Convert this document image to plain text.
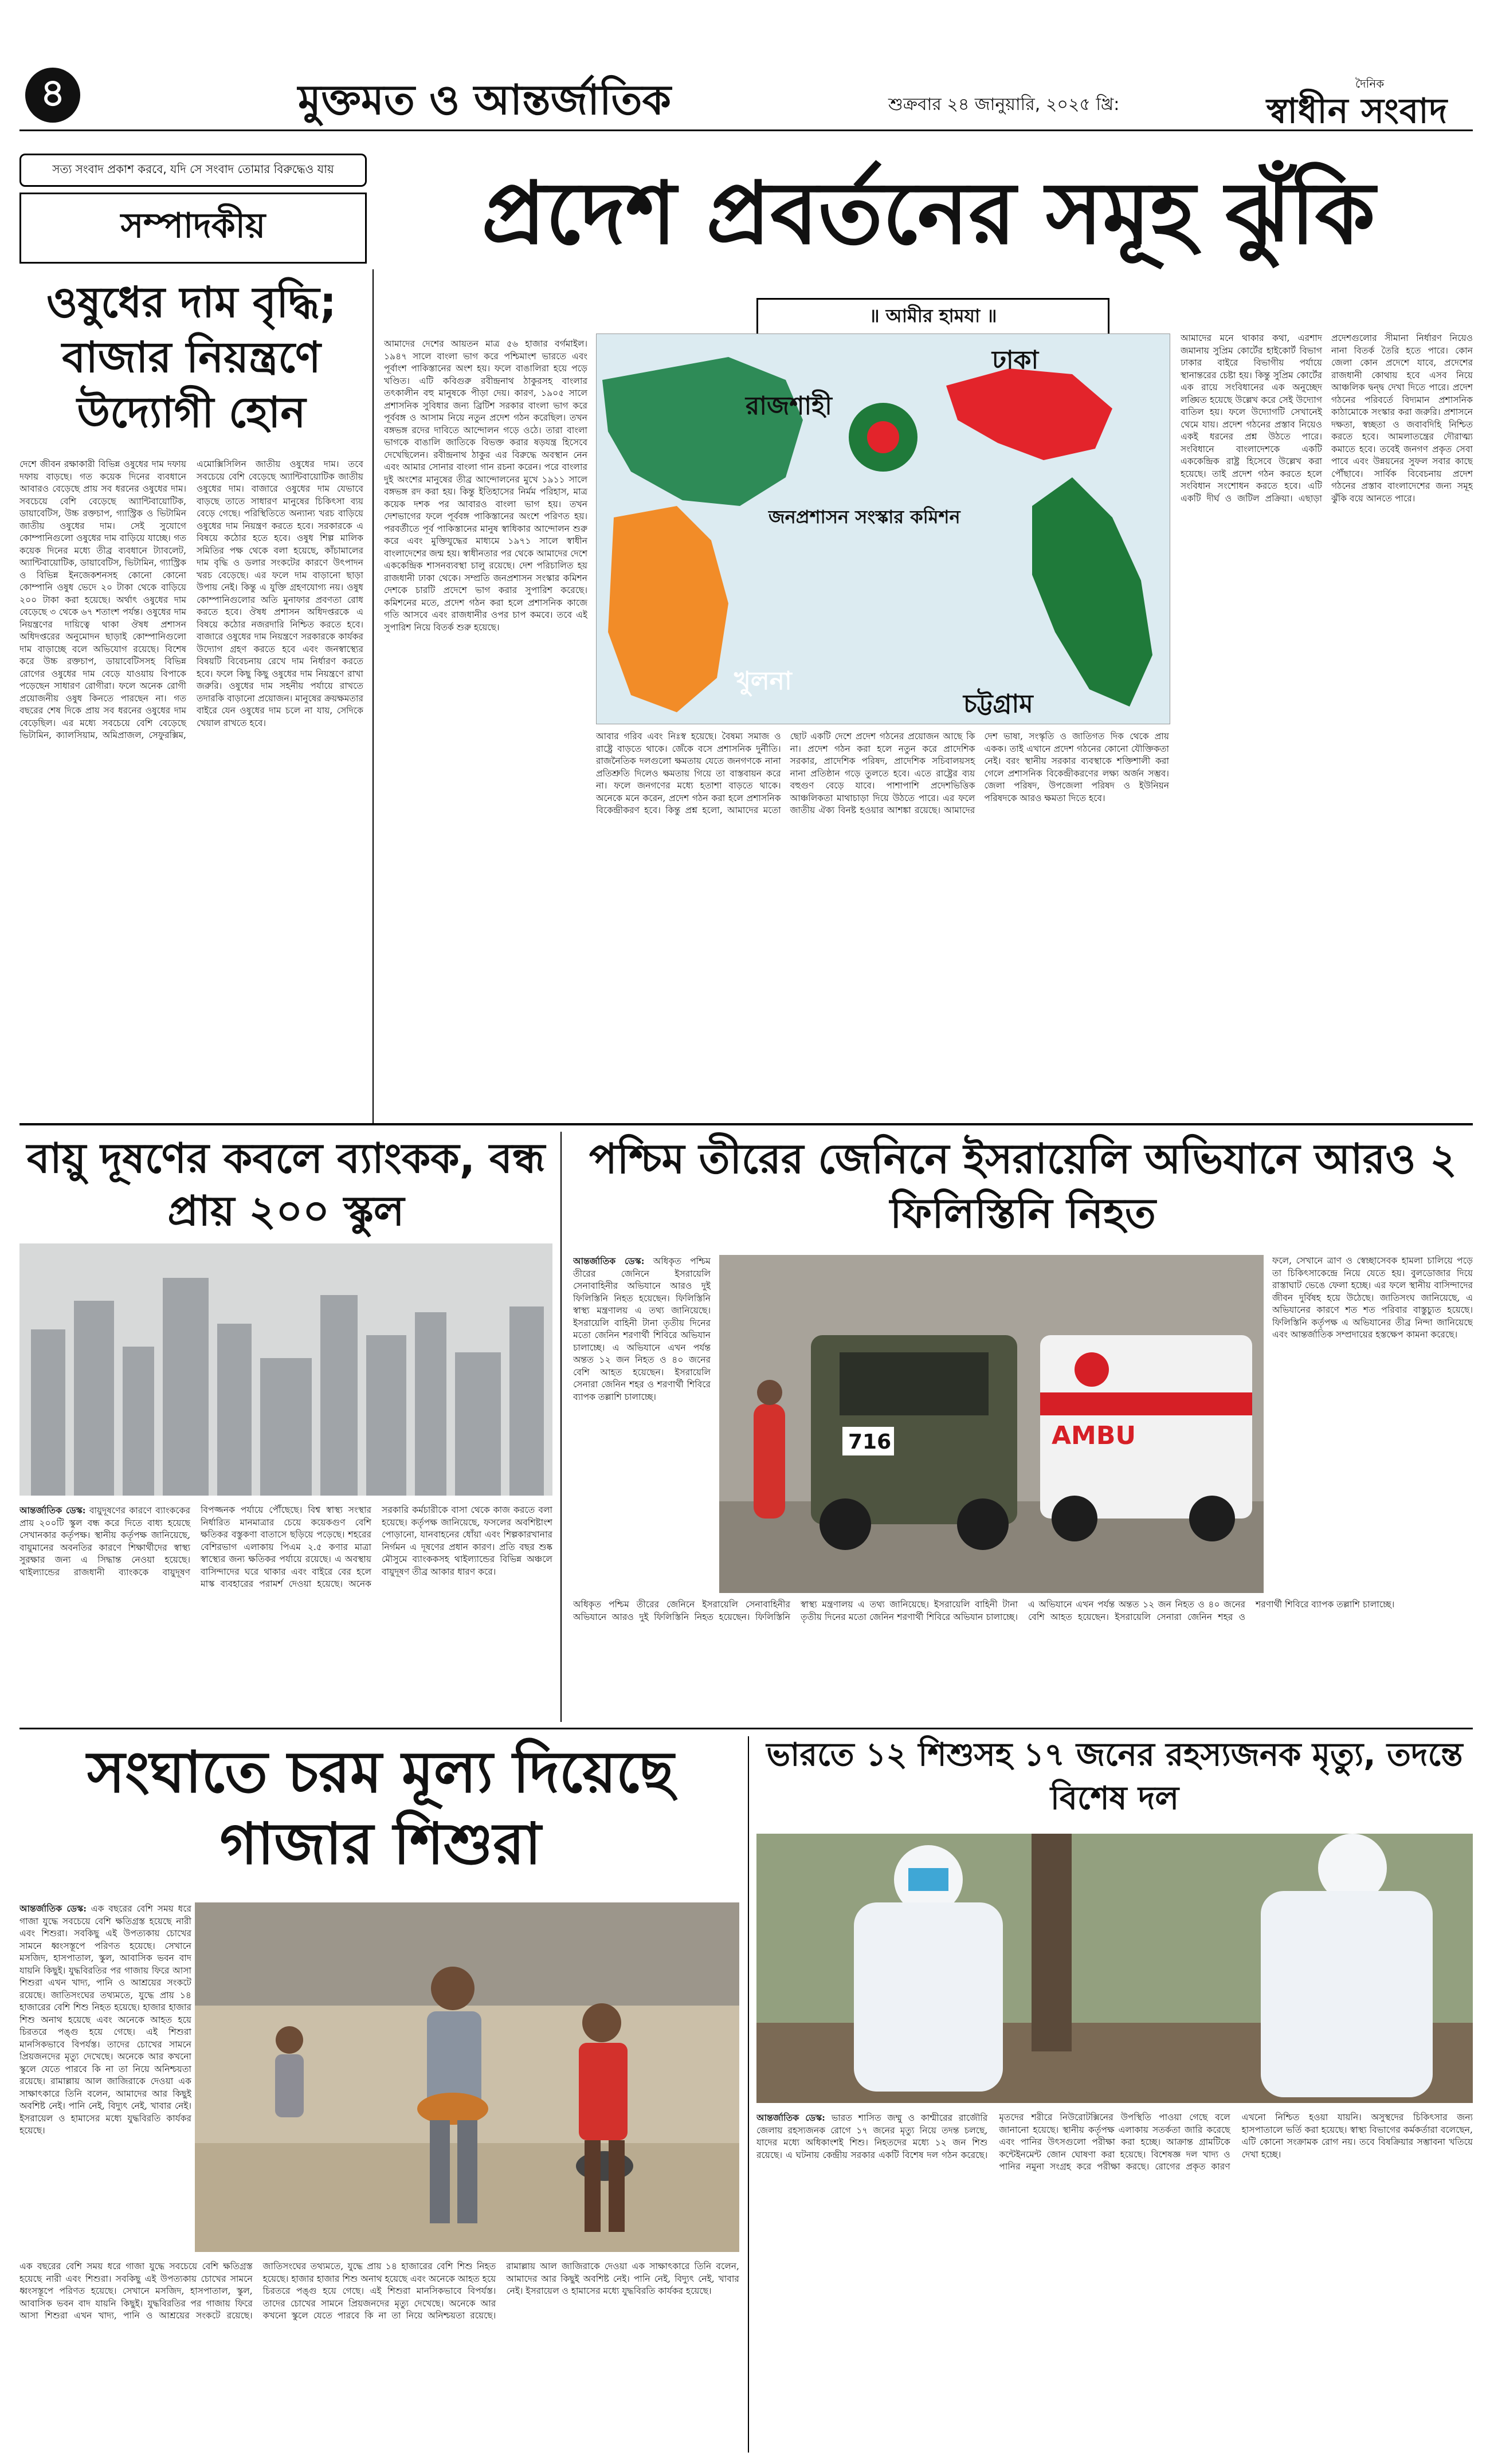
৪	মুক্তমত ও আন্তর্জাতিক	শুক্রবার ২৪ জানুয়ারি, ২০২৫ খ্রি:
দৈনিক
স্বাধীন সংবাদ
সত্য সংবাদ প্রকাশ করবে, যদি সে সংবাদ তোমার বিরুদ্ধেও যায়
সম্পাদকীয়	প্রদেশ প্রবর্তনের সমূহ ঝুঁকি
ওষুধের দাম বৃদ্ধি; বাজার নিয়ন্ত্রণে উদ্যোগী হোন
দেশে জীবন রক্ষাকারী বিভিন্ন ওষুধের দাম দফায় দফায় বাড়ছে। গত কয়েক দিনের ব্যবধানে আবারও বেড়েছে প্রায় সব ধরনের ওষুধের দাম। সবচেয়ে বেশি বেড়েছে অ্যান্টিবায়োটিক, ডায়াবেটিস, উচ্চ রক্তচাপ, গ্যাস্ট্রিক ও ভিটামিন জাতীয় ওষুধের দাম। সেই সুযোগে কোম্পানিগুলো ওষুধের দাম বাড়িয়ে যাচ্ছে। গত কয়েক দিনের মধ্যে তীব্র ব্যবধানে ট্যাবলেট, অ্যান্টিবায়োটিক, ডায়াবেটিস, ভিটামিন, গ্যাস্ট্রিক ও বিভিন্ন ইনজেকশনসহ কোনো কোনো কোম্পানি ওষুধ ভেদে ২০ টাকা থেকে বাড়িয়ে ২০০ টাকা করা হয়েছে। অর্থাৎ ওষুধের দাম বেড়েছে ৩ থেকে ৬৭ শতাংশ পর্যন্ত। ওষুধের দাম নিয়ন্ত্রণের দায়িত্বে থাকা ঔষধ প্রশাসন অধিদপ্তরের অনুমোদন ছাড়াই কোম্পানিগুলো দাম বাড়াচ্ছে বলে অভিযোগ রয়েছে। বিশেষ করে উচ্চ রক্তচাপ, ডায়াবেটিসসহ বিভিন্ন রোগের ওষুধের দাম বেড়ে যাওয়ায় বিপাকে পড়েছেন সাধারণ রোগীরা। ফলে অনেক রোগী প্রয়োজনীয় ওষুধ কিনতে পারছেন না। গত বছরের শেষ দিকে প্রায় সব ধরনের ওষুধের দাম বেড়েছিল। এর মধ্যে সবচেয়ে বেশি বেড়েছে ভিটামিন, ক্যালসিয়াম, অমিপ্রাজল, সেফুরক্সিম, এমোক্সিসিলিন জাতীয় ওষুধের দাম। তবে সবচেয়ে বেশি বেড়েছে অ্যান্টিবায়োটিক জাতীয় ওষুধের দাম। বাজারে ওষুধের দাম যেভাবে বাড়ছে তাতে সাধারণ মানুষের চিকিৎসা ব্যয় বেড়ে গেছে। পরিস্থিতিতে অন্যান্য খরচ বাড়িয়ে ওষুধের দাম নিয়ন্ত্রণ করতে হবে। সরকারকে এ বিষয়ে কঠোর হতে হবে। ওষুধ শিল্প মালিক সমিতির পক্ষ থেকে বলা হয়েছে, কাঁচামালের দাম বৃদ্ধি ও ডলার সংকটের কারণে উৎপাদন খরচ বেড়েছে। এর ফলে দাম বাড়ানো ছাড়া উপায় নেই। কিন্তু এ যুক্তি গ্রহণযোগ্য নয়। ওষুধ কোম্পানিগুলোর অতি মুনাফার প্রবণতা রোধ করতে হবে। ঔষধ প্রশাসন অধিদপ্তরকে এ বিষয়ে কঠোর নজরদারি নিশ্চিত করতে হবে। বাজারে ওষুধের দাম নিয়ন্ত্রণে সরকারকে কার্যকর উদ্যোগ গ্রহণ করতে হবে এবং জনস্বাস্থ্যের বিষয়টি বিবেচনায় রেখে দাম নির্ধারণ করতে হবে। ফলে কিছু কিছু ওষুধের দাম নিয়ন্ত্রণে রাখা জরুরি। ওষুধের দাম সহনীয় পর্যায়ে রাখতে তদারকি বাড়ানো প্রয়োজন। মানুষের ক্রয়ক্ষমতার বাইরে যেন ওষুধের দাম চলে না যায়, সেদিকে খেয়াল রাখতে হবে।
আমাদের দেশের আয়তন মাত্র ৫৬ হাজার বর্গমাইল। ১৯৪৭ সালে বাংলা ভাগ করে পশ্চিমাংশ ভারতে এবং পূর্বাংশ পাকিস্তানের অংশ হয়। ফলে বাঙালিরা হয়ে পড়ে খণ্ডিত। এটি কবিগুরু রবীন্দ্রনাথ ঠাকুরসহ বাংলার তৎকালীন বহু মানুষকে পীড়া দেয়। কারণ, ১৯০৫ সালে প্রশাসনিক সুবিধার জন্য ব্রিটিশ সরকার বাংলা ভাগ করে পূর্ববঙ্গ ও আসাম নিয়ে নতুন প্রদেশ গঠন করেছিল। তখন বঙ্গভঙ্গ রদের দাবিতে আন্দোলন গড়ে ওঠে। তারা বাংলা ভাগকে বাঙালি জাতিকে বিভক্ত করার ষড়যন্ত্র হিসেবে দেখেছিলেন। রবীন্দ্রনাথ ঠাকুর এর বিরুদ্ধে অবস্থান নেন এবং আমার সোনার বাংলা গান রচনা করেন। পরে বাংলার দুই অংশের মানুষের তীব্র আন্দোলনের মুখে ১৯১১ সালে বঙ্গভঙ্গ রদ করা হয়। কিন্তু ইতিহাসের নির্মম পরিহাস, মাত্র কয়েক দশক পর আবারও বাংলা ভাগ হয়। তখন দেশভাগের ফলে পূর্ববঙ্গ পাকিস্তানের অংশে পরিণত হয়। পরবর্তীতে পূর্ব পাকিস্তানের মানুষ স্বাধিকার আন্দোলন শুরু করে এবং মুক্তিযুদ্ধের মাধ্যমে ১৯৭১ সালে স্বাধীন বাংলাদেশের জন্ম হয়। স্বাধীনতার পর থেকে আমাদের দেশে এককেন্দ্রিক শাসনব্যবস্থা চালু রয়েছে। দেশ পরিচালিত হয় রাজধানী ঢাকা থেকে। সম্প্রতি জনপ্রশাসন সংস্কার কমিশন দেশকে চারটি প্রদেশে ভাগ করার সুপারিশ করেছে। কমিশনের মতে, প্রদেশ গঠন করা হলে প্রশাসনিক কাজে গতি আসবে এবং রাজধানীর ওপর চাপ কমবে। তবে এই সুপারিশ নিয়ে বিতর্ক শুরু হয়েছে।
॥ আমীর হামযা ॥
রাজশাহী
ঢাকা
খুলনা
চট্টগ্রাম
জনপ্রশাসন সংস্কার কমিশন
আবার গরিব এবং নিঃস্ব হয়েছে। বৈষম্য সমাজ ও রাষ্ট্রে বাড়তে থাকে। জেঁকে বসে প্রশাসনিক দুর্নীতি। রাজনৈতিক দলগুলো ক্ষমতায় যেতে জনগণকে নানা প্রতিশ্রুতি দিলেও ক্ষমতায় গিয়ে তা বাস্তবায়ন করে না। ফলে জনগণের মধ্যে হতাশা বাড়তে থাকে। অনেকে মনে করেন, প্রদেশ গঠন করা হলে প্রশাসনিক বিকেন্দ্রীকরণ হবে। কিন্তু প্রশ্ন হলো, আমাদের মতো ছোট একটি দেশে প্রদেশ গঠনের প্রয়োজন আছে কি না। প্রদেশ গঠন করা হলে নতুন করে প্রাদেশিক সরকার, প্রাদেশিক পরিষদ, প্রাদেশিক সচিবালয়সহ নানা প্রতিষ্ঠান গড়ে তুলতে হবে। এতে রাষ্ট্রের ব্যয় বহুগুণ বেড়ে যাবে। পাশাপাশি প্রদেশভিত্তিক আঞ্চলিকতা মাথাচাড়া দিয়ে উঠতে পারে। এর ফলে জাতীয় ঐক্য বিনষ্ট হওয়ার আশঙ্কা রয়েছে। আমাদের দেশ ভাষা, সংস্কৃতি ও জাতিগত দিক থেকে প্রায় একক। তাই এখানে প্রদেশ গঠনের কোনো যৌক্তিকতা নেই। বরং স্থানীয় সরকার ব্যবস্থাকে শক্তিশালী করা গেলে প্রশাসনিক বিকেন্দ্রীকরণের লক্ষ্য অর্জন সম্ভব। জেলা পরিষদ, উপজেলা পরিষদ ও ইউনিয়ন পরিষদকে আরও ক্ষমতা দিতে হবে।
আমাদের মনে থাকার কথা, এরশাদ জমানায় সুপ্রিম কোর্টের হাইকোর্ট বিভাগ ঢাকার বাইরে বিভাগীয় পর্যায়ে স্থানান্তরের চেষ্টা হয়। কিন্তু সুপ্রিম কোর্টের এক রায়ে সংবিধানের এক অনুচ্ছেদ লঙ্ঘিত হয়েছে উল্লেখ করে সেই উদ্যোগ বাতিল হয়। ফলে উদ্যোগটি সেখানেই থেমে যায়। প্রদেশ গঠনের প্রস্তাব নিয়েও একই ধরনের প্রশ্ন উঠতে পারে। সংবিধানে বাংলাদেশকে একটি এককেন্দ্রিক রাষ্ট্র হিসেবে উল্লেখ করা হয়েছে। তাই প্রদেশ গঠন করতে হলে সংবিধান সংশোধন করতে হবে। এটি একটি দীর্ঘ ও জটিল প্রক্রিয়া। এছাড়া প্রদেশগুলোর সীমানা নির্ধারণ নিয়েও নানা বিতর্ক তৈরি হতে পারে। কোন জেলা কোন প্রদেশে যাবে, প্রদেশের রাজধানী কোথায় হবে এসব নিয়ে আঞ্চলিক দ্বন্দ্ব দেখা দিতে পারে। প্রদেশ গঠনের পরিবর্তে বিদ্যমান প্রশাসনিক কাঠামোকে সংস্কার করা জরুরি। প্রশাসনে দক্ষতা, স্বচ্ছতা ও জবাবদিহি নিশ্চিত করতে হবে। আমলাতন্ত্রের দৌরাত্ম্য কমাতে হবে। তবেই জনগণ প্রকৃত সেবা পাবে এবং উন্নয়নের সুফল সবার কাছে পৌঁছাবে। সার্বিক বিবেচনায় প্রদেশ গঠনের প্রস্তাব বাংলাদেশের জন্য সমূহ ঝুঁকি বয়ে আনতে পারে।
বায়ু দূষণের কবলে ব্যাংকক, বন্ধ প্রায় ২০০ স্কুল
আন্তর্জাতিক ডেস্ক: বায়ুদূষণের কারণে ব্যাংককের প্রায় ২০০টি স্কুল বন্ধ করে দিতে বাধ্য হয়েছে সেখানকার কর্তৃপক্ষ। স্থানীয় কর্তৃপক্ষ জানিয়েছে, বায়ুমানের অবনতির কারণে শিক্ষার্থীদের স্বাস্থ্য সুরক্ষার জন্য এ সিদ্ধান্ত নেওয়া হয়েছে। থাইল্যান্ডের রাজধানী ব্যাংককে বায়ুদূষণ বিপজ্জনক পর্যায়ে পৌঁছেছে। বিশ্ব স্বাস্থ্য সংস্থার নির্ধারিত মানমাত্রার চেয়ে কয়েকগুণ বেশি ক্ষতিকর বস্তুকণা বাতাসে ছড়িয়ে পড়েছে। শহরের বেশিরভাগ এলাকায় পিএম ২.৫ কণার মাত্রা স্বাস্থ্যের জন্য ক্ষতিকর পর্যায়ে রয়েছে। এ অবস্থায় বাসিন্দাদের ঘরে থাকার এবং বাইরে বের হলে মাস্ক ব্যবহারের পরামর্শ দেওয়া হয়েছে। অনেক সরকারি কর্মচারীকে বাসা থেকে কাজ করতে বলা হয়েছে। কর্তৃপক্ষ জানিয়েছে, ফসলের অবশিষ্টাংশ পোড়ানো, যানবাহনের ধোঁয়া এবং শিল্পকারখানার নির্গমন এ দূষণের প্রধান কারণ। প্রতি বছর শুষ্ক মৌসুমে ব্যাংককসহ থাইল্যান্ডের বিভিন্ন অঞ্চলে বায়ুদূষণ তীব্র আকার ধারণ করে।
পশ্চিম তীরের জেনিনে ইসরায়েলি অভিযানে আরও ২ ফিলিস্তিনি নিহত
আন্তর্জাতিক ডেস্ক: অধিকৃত পশ্চিম তীরের জেনিনে ইসরায়েলি সেনাবাহিনীর অভিযানে আরও দুই ফিলিস্তিনি নিহত হয়েছেন। ফিলিস্তিনি স্বাস্থ্য মন্ত্রণালয় এ তথ্য জানিয়েছে। ইসরায়েলি বাহিনী টানা তৃতীয় দিনের মতো জেনিন শরণার্থী শিবিরে অভিযান চালাচ্ছে। এ অভিযানে এখন পর্যন্ত অন্তত ১২ জন নিহত ও ৪০ জনের বেশি আহত হয়েছেন। ইসরায়েলি সেনারা জেনিন শহর ও শরণার্থী শিবিরে ব্যাপক তল্লাশি চালাচ্ছে।
716	AMBU
ফলে, সেখানে ত্রাণ ও স্বেচ্ছাসেবক হামলা চালিয়ে পড়ে তা চিকিৎসাকেন্দ্রে নিয়ে যেতে হয়। বুলডোজার দিয়ে রাস্তাঘাট ভেঙে ফেলা হচ্ছে। এর ফলে স্থানীয় বাসিন্দাদের জীবন দুর্বিষহ হয়ে উঠেছে। জাতিসংঘ জানিয়েছে, এ অভিযানের কারণে শত শত পরিবার বাস্তুচ্যুত হয়েছে। ফিলিস্তিনি কর্তৃপক্ষ এ অভিযানের তীব্র নিন্দা জানিয়েছে এবং আন্তর্জাতিক সম্প্রদায়ের হস্তক্ষেপ কামনা করেছে।
অধিকৃত পশ্চিম তীরের জেনিনে ইসরায়েলি সেনাবাহিনীর অভিযানে আরও দুই ফিলিস্তিনি নিহত হয়েছেন। ফিলিস্তিনি স্বাস্থ্য মন্ত্রণালয় এ তথ্য জানিয়েছে। ইসরায়েলি বাহিনী টানা তৃতীয় দিনের মতো জেনিন শরণার্থী শিবিরে অভিযান চালাচ্ছে। এ অভিযানে এখন পর্যন্ত অন্তত ১২ জন নিহত ও ৪০ জনের বেশি আহত হয়েছেন। ইসরায়েলি সেনারা জেনিন শহর ও শরণার্থী শিবিরে ব্যাপক তল্লাশি চালাচ্ছে।
সংঘাতে চরম মূল্য দিয়েছে গাজার শিশুরা
আন্তর্জাতিক ডেস্ক: এক বছরের বেশি সময় ধরে গাজা যুদ্ধে সবচেয়ে বেশি ক্ষতিগ্রস্ত হয়েছে নারী এবং শিশুরা। সবকিছু এই উপত্যকায় চোখের সামনে ধ্বংসস্তূপে পরিণত হয়েছে। সেখানে মসজিদ, হাসপাতাল, স্কুল, আবাসিক ভবন বাদ যায়নি কিছুই। যুদ্ধবিরতির পর গাজায় ফিরে আসা শিশুরা এখন খাদ্য, পানি ও আশ্রয়ের সংকটে রয়েছে। জাতিসংঘের তথ্যমতে, যুদ্ধে প্রায় ১৪ হাজারের বেশি শিশু নিহত হয়েছে। হাজার হাজার শিশু অনাথ হয়েছে এবং অনেকে আহত হয়ে চিরতরে পঙ্গু হয়ে গেছে। এই শিশুরা মানসিকভাবে বিপর্যস্ত। তাদের চোখের সামনে প্রিয়জনদের মৃত্যু দেখেছে। অনেকে আর কখনো স্কুলে যেতে পারবে কি না তা নিয়ে অনিশ্চয়তা রয়েছে। রামাল্লায় আল জাজিরাকে দেওয়া এক সাক্ষাৎকারে তিনি বলেন, আমাদের আর কিছুই অবশিষ্ট নেই। পানি নেই, বিদ্যুৎ নেই, খাবার নেই। ইসরায়েল ও হামাসের মধ্যে যুদ্ধবিরতি কার্যকর হয়েছে।
এক বছরের বেশি সময় ধরে গাজা যুদ্ধে সবচেয়ে বেশি ক্ষতিগ্রস্ত হয়েছে নারী এবং শিশুরা। সবকিছু এই উপত্যকায় চোখের সামনে ধ্বংসস্তূপে পরিণত হয়েছে। সেখানে মসজিদ, হাসপাতাল, স্কুল, আবাসিক ভবন বাদ যায়নি কিছুই। যুদ্ধবিরতির পর গাজায় ফিরে আসা শিশুরা এখন খাদ্য, পানি ও আশ্রয়ের সংকটে রয়েছে। জাতিসংঘের তথ্যমতে, যুদ্ধে প্রায় ১৪ হাজারের বেশি শিশু নিহত হয়েছে। হাজার হাজার শিশু অনাথ হয়েছে এবং অনেকে আহত হয়ে চিরতরে পঙ্গু হয়ে গেছে। এই শিশুরা মানসিকভাবে বিপর্যস্ত। তাদের চোখের সামনে প্রিয়জনদের মৃত্যু দেখেছে। অনেকে আর কখনো স্কুলে যেতে পারবে কি না তা নিয়ে অনিশ্চয়তা রয়েছে। রামাল্লায় আল জাজিরাকে দেওয়া এক সাক্ষাৎকারে তিনি বলেন, আমাদের আর কিছুই অবশিষ্ট নেই। পানি নেই, বিদ্যুৎ নেই, খাবার নেই। ইসরায়েল ও হামাসের মধ্যে যুদ্ধবিরতি কার্যকর হয়েছে।
ভারতে ১২ শিশুসহ ১৭ জনের রহস্যজনক মৃত্যু, তদন্তে বিশেষ দল
আন্তর্জাতিক ডেস্ক: ভারত শাসিত জম্মু ও কাশ্মীরের রাজৌরি জেলায় রহস্যজনক রোগে ১৭ জনের মৃত্যু নিয়ে তদন্ত চলছে, যাদের মধ্যে অধিকাংশই শিশু। নিহতদের মধ্যে ১২ জন শিশু রয়েছে। এ ঘটনায় কেন্দ্রীয় সরকার একটি বিশেষ দল গঠন করেছে। মৃতদের শরীরে নিউরোটক্সিনের উপস্থিতি পাওয়া গেছে বলে জানানো হয়েছে। স্থানীয় কর্তৃপক্ষ এলাকায় সতর্কতা জারি করেছে এবং পানির উৎসগুলো পরীক্ষা করা হচ্ছে। আক্রান্ত গ্রামটিকে কন্টেইনমেন্ট জোন ঘোষণা করা হয়েছে। বিশেষজ্ঞ দল খাদ্য ও পানির নমুনা সংগ্রহ করে পরীক্ষা করছে। রোগের প্রকৃত কারণ এখনো নিশ্চিত হওয়া যায়নি। অসুস্থদের চিকিৎসার জন্য হাসপাতালে ভর্তি করা হয়েছে। স্বাস্থ্য বিভাগের কর্মকর্তারা বলেছেন, এটি কোনো সংক্রামক রোগ নয়। তবে বিষক্রিয়ার সম্ভাবনা খতিয়ে দেখা হচ্ছে।
